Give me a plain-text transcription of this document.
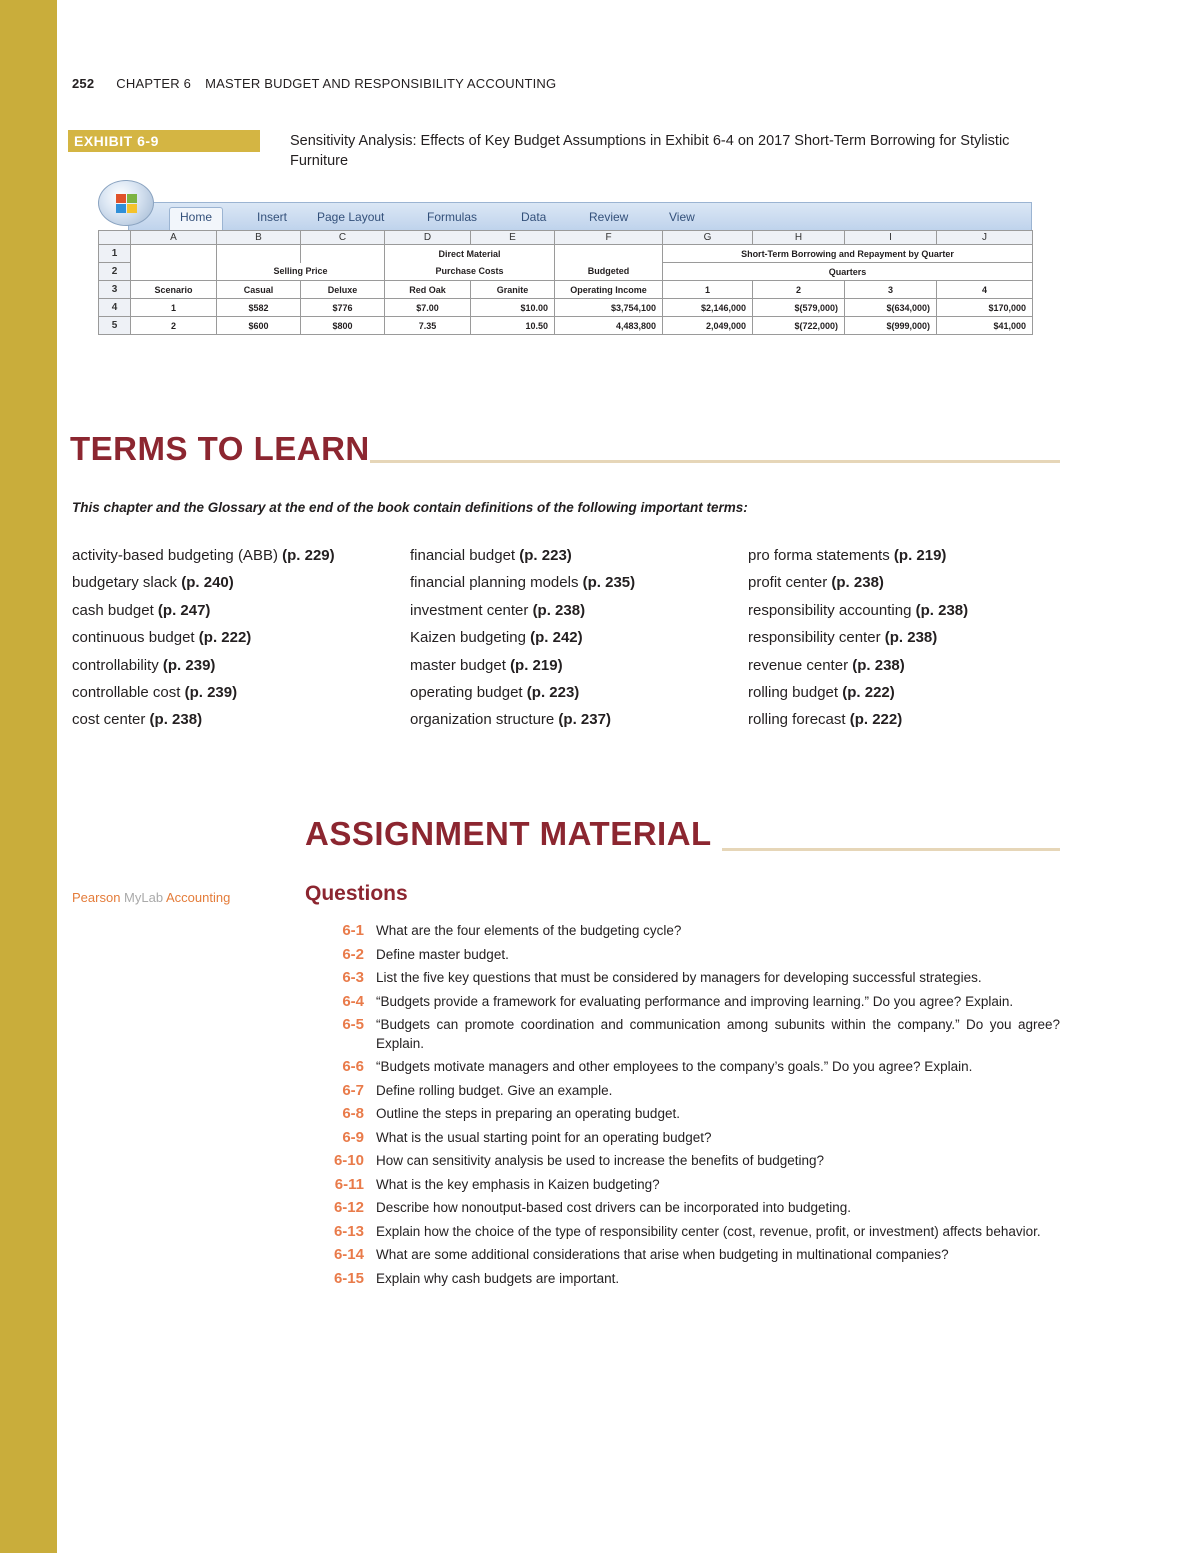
252 CHAPTER 6 MASTER BUDGET AND RESPONSIBILITY ACCOUNTING
EXHIBIT 6-9	Sensitivity Analysis: Effects of Key Budget Assumptions in Exhibit 6-4 on 2017 Short-Term Borrowing for Stylistic Furniture
Home	Insert Page Layout	Formulas	Data	Review	View
	A	B	C	D	E	F	G	H	I	J
1				Direct Material			Short-Term Borrowing and Repayment by Quarter			
2		Selling Price		Purchase Costs		Budgeted	Quarters			
3	Scenario	Casual	Deluxe	Red Oak	Granite	Operating Income	1	2	3	4
4	1	$582	$776	$7.00	$10.00	$3,754,100	$2,146,000	$(579,000)	$(634,000)	$170,000
5	2	$600	$800	7.35	10.50	4,483,800	2,049,000	$(722,000)	$(999,000)	$41,000
TERMS TO LEARN
This chapter and the Glossary at the end of the book contain definitions of the following important terms:
activity-based budgeting (ABB) (p. 229)
budgetary slack (p. 240)
cash budget (p. 247)
continuous budget (p. 222)
controllability (p. 239)
controllable cost (p. 239)
cost center (p. 238)
financial budget (p. 223)
financial planning models (p. 235)
investment center (p. 238)
Kaizen budgeting (p. 242)
master budget (p. 219)
operating budget (p. 223)
organization structure (p. 237)
pro forma statements (p. 219)
profit center (p. 238)
responsibility accounting (p. 238)
responsibility center (p. 238)
revenue center (p. 238)
rolling budget (p. 222)
rolling forecast (p. 222)
ASSIGNMENT MATERIAL
Pearson MyLab Accounting	Questions
6-1 What are the four elements of the budgeting cycle?
6-2 Define master budget.
6-3 List the five key questions that must be considered by managers for developing successful strategies.
6-4 “Budgets provide a framework for evaluating performance and improving learning.” Do you agree? Explain.
6-5 “Budgets can promote coordination and communication among subunits within the company.” Do you agree? Explain.
6-6 “Budgets motivate managers and other employees to the company’s goals.” Do you agree? Explain.
6-7 Define rolling budget. Give an example.
6-8 Outline the steps in preparing an operating budget.
6-9 What is the usual starting point for an operating budget?
6-10 How can sensitivity analysis be used to increase the benefits of budgeting?
6-11 What is the key emphasis in Kaizen budgeting?
6-12 Describe how nonoutput-based cost drivers can be incorporated into budgeting.
6-13 Explain how the choice of the type of responsibility center (cost, revenue, profit, or investment) affects behavior.
6-14 What are some additional considerations that arise when budgeting in multinational companies?
6-15 Explain why cash budgets are important.
